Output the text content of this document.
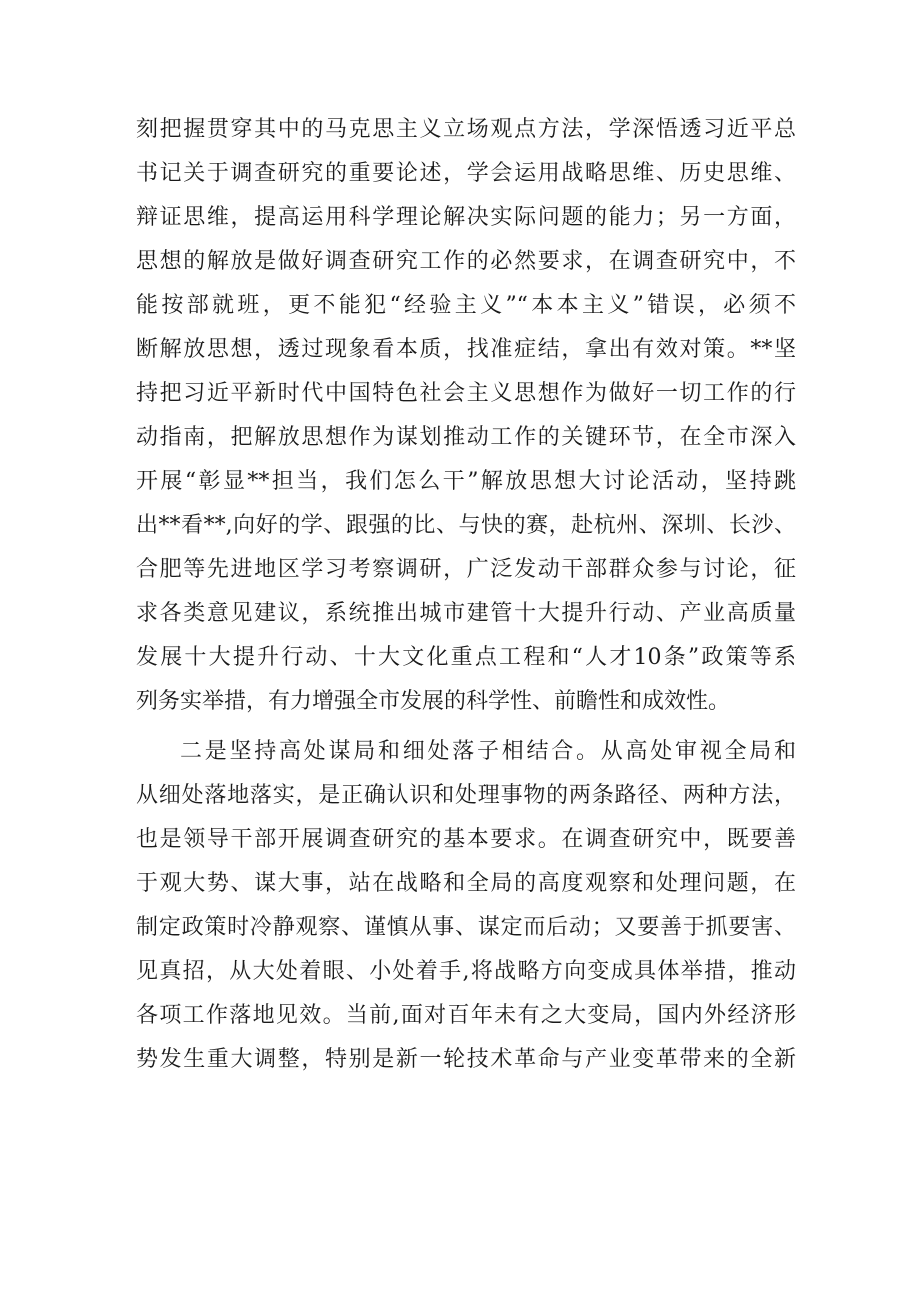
刻把握贯穿其中的马克思主义立场观点方法，学深悟透习近平总
书记关于调查研究的重要论述，学会运用战略思维、历史思维、
辩证思维，提高运用科学理论解决实际问题的能力；另一方面，
思想的解放是做好调查研究工作的必然要求，在调查研究中，不
能按部就班，更不能犯“经验主义”“本本主义”错误，必须不
断解放思想，透过现象看本质，找准症结，拿出有效对策。**坚
持把习近平新时代中国特色社会主义思想作为做好一切工作的行
动指南，把解放思想作为谋划推动工作的关键环节，在全市深入
开展“彰显**担当，我们怎么干”解放思想大讨论活动，坚持跳
出**看**,向好的学、跟强的比、与快的赛，赴杭州、深圳、长沙、
合肥等先进地区学习考察调研，广泛发动干部群众参与讨论，征
求各类意见建议，系统推出城市建管十大提升行动、产业高质量
发展十大提升行动、十大文化重点工程和“人才10条”政策等系
列务实举措，有力增强全市发展的科学性、前瞻性和成效性。
二是坚持高处谋局和细处落子相结合。从高处审视全局和
从细处落地落实，是正确认识和处理事物的两条路径、两种方法，
也是领导干部开展调查研究的基本要求。在调查研究中，既要善
于观大势、谋大事，站在战略和全局的高度观察和处理问题，在
制定政策时冷静观察、谨慎从事、谋定而后动；又要善于抓要害、
见真招，从大处着眼、小处着手,将战略方向变成具体举措，推动
各项工作落地见效。当前,面对百年未有之大变局，国内外经济形
势发生重大调整，特别是新一轮技术革命与产业变革带来的全新
